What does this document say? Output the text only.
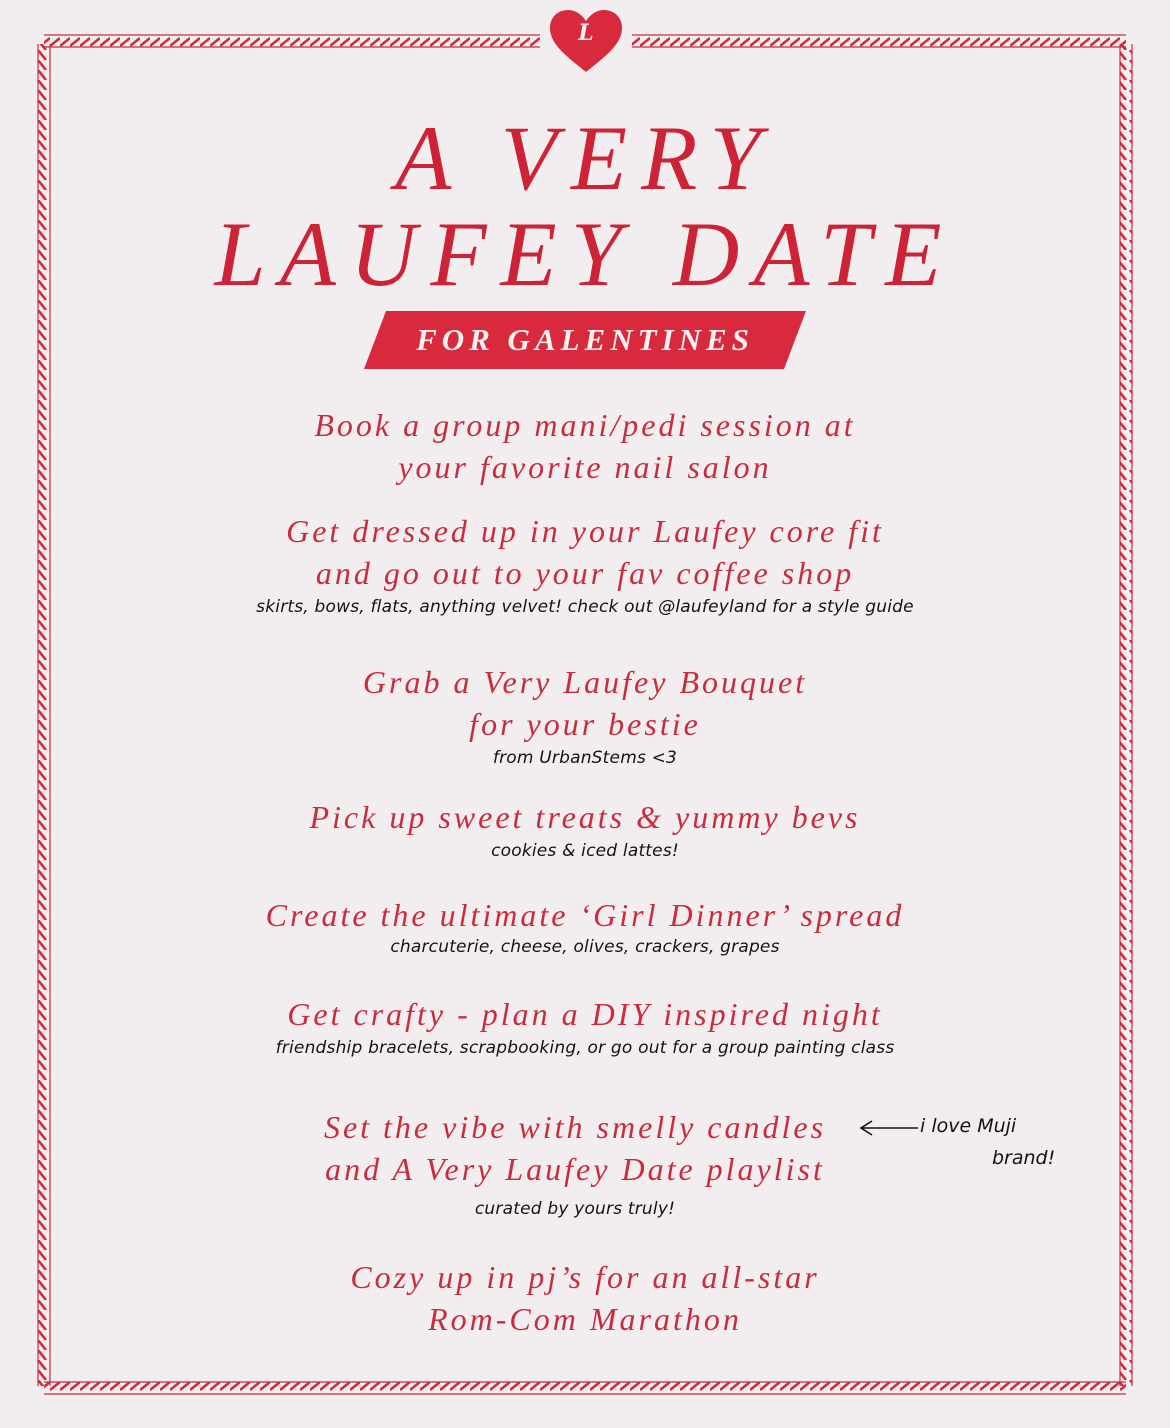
L
A VERY
LAUFEY DATE
FOR GALENTINES
Book a group mani/pedi session at
your favorite nail salon
Get dressed up in your Laufey core fit
and go out to your fav coffee shop
skirts, bows, flats, anything velvet! check out @laufeyland for a style guide
Grab a Very Laufey Bouquet
for your bestie
from UrbanStems <3
Pick up sweet treats & yummy bevs
cookies & iced lattes!
Create the ultimate ‘Girl Dinner’ spread
charcuterie, cheese, olives, crackers, grapes
Get crafty - plan a DIY inspired night
friendship bracelets, scrapbooking, or go out for a group painting class
Set the vibe with smelly candles
and A Very Laufey Date playlist
curated by yours truly!
Cozy up in pj’s for an all-star
Rom-Com Marathon
i love Muji
brand!
